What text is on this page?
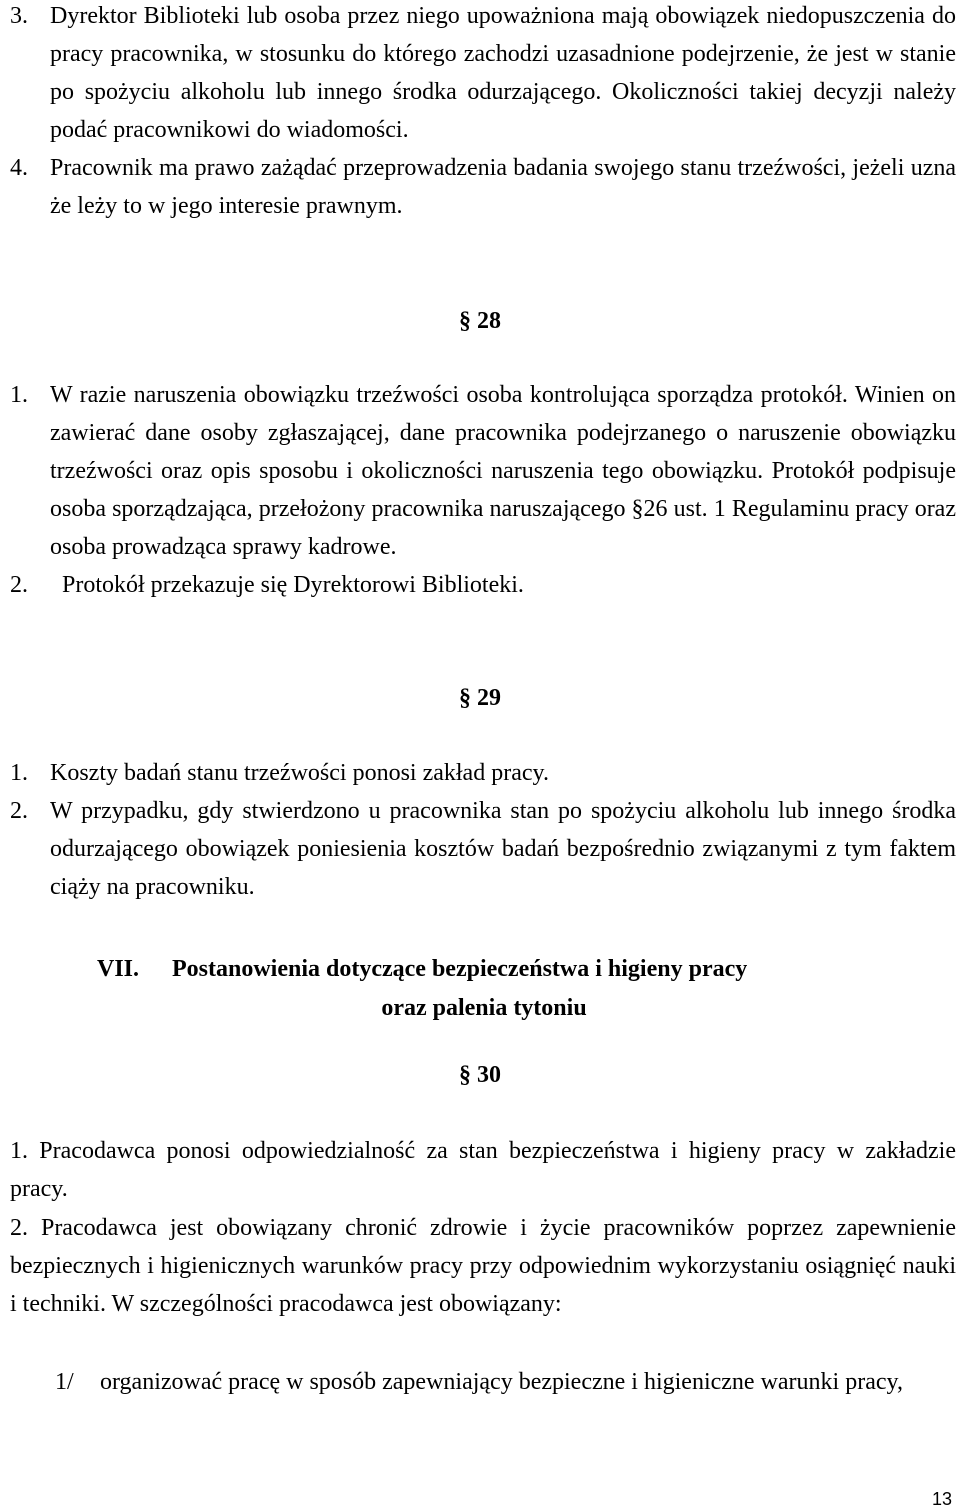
3. Dyrektor Biblioteki lub osoba przez niego upoważniona mają obowiązek niedopuszczenia do pracy pracownika, w stosunku do którego zachodzi uzasadnione podejrzenie, że jest w stanie po spożyciu alkoholu lub innego środka odurzającego. Okoliczności takiej decyzji należy podać pracownikowi do wiadomości.
4. Pracownik ma prawo zażądać przeprowadzenia badania swojego stanu trzeźwości, jeżeli uzna że leży to w jego interesie prawnym.
§ 28
1. W razie naruszenia obowiązku trzeźwości osoba kontrolująca sporządza protokół. Winien on zawierać dane osoby zgłaszającej, dane pracownika podejrzanego o naruszenie obowiązku trzeźwości oraz opis sposobu i okoliczności naruszenia tego obowiązku. Protokół podpisuje osoba sporządzająca, przełożony pracownika naruszającego §26 ust. 1 Regulaminu pracy oraz osoba prowadząca sprawy kadrowe.
2.	Protokół przekazuje się Dyrektorowi Biblioteki.
§ 29
1. Koszty badań stanu trzeźwości ponosi zakład pracy.
2. W przypadku, gdy stwierdzono u pracownika stan po spożyciu alkoholu lub innego środka odurzającego obowiązek poniesienia kosztów badań bezpośrednio związanymi z tym faktem ciąży na pracowniku.
VII. Postanowienia dotyczące bezpieczeństwa i higieny pracy
oraz palenia tytoniu
§ 30
1. Pracodawca ponosi odpowiedzialność za stan bezpieczeństwa i higieny pracy w zakładzie pracy.
2. Pracodawca jest obowiązany chronić zdrowie i życie pracowników poprzez zapewnienie bezpiecznych i higienicznych warunków pracy przy odpowiednim wykorzystaniu osiągnięć nauki i techniki. W szczególności pracodawca jest obowiązany:
1/	organizować pracę w sposób zapewniający bezpieczne i higieniczne warunki pracy,
13
